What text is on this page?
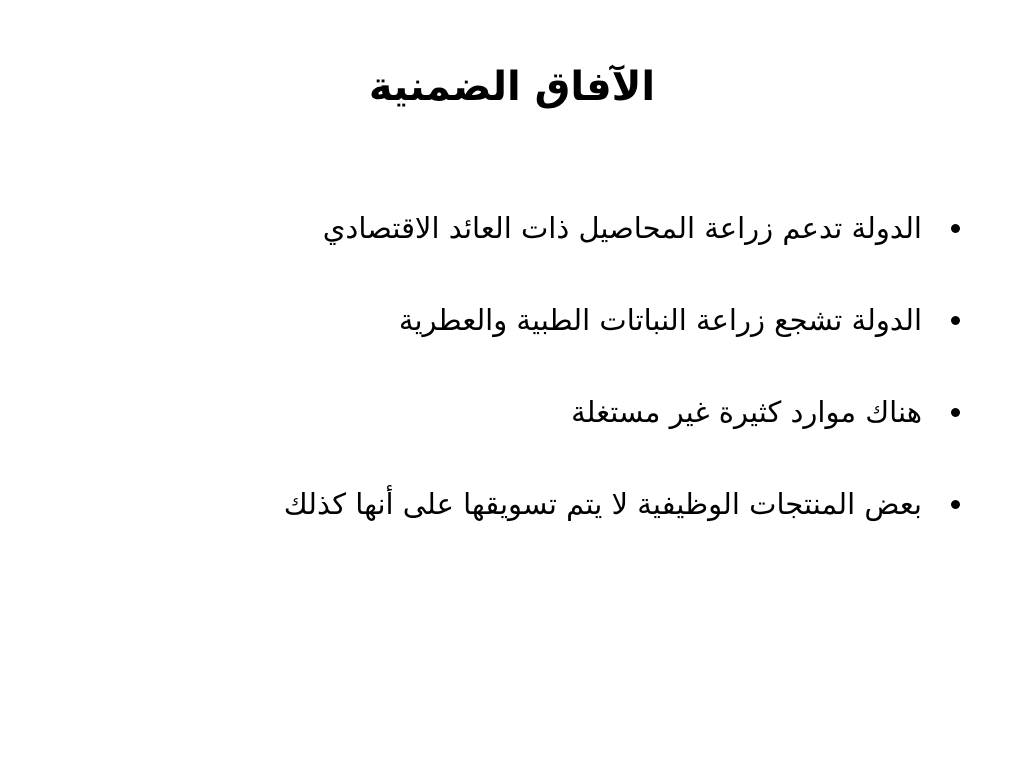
الآفاق الضمنية
الدولة تدعم زراعة المحاصيل ذات العائد الاقتصادي
الدولة تشجع زراعة النباتات الطبية والعطرية
هناك موارد كثيرة غير مستغلة
بعض المنتجات الوظيفية لا يتم تسويقها على أنها كذلك
